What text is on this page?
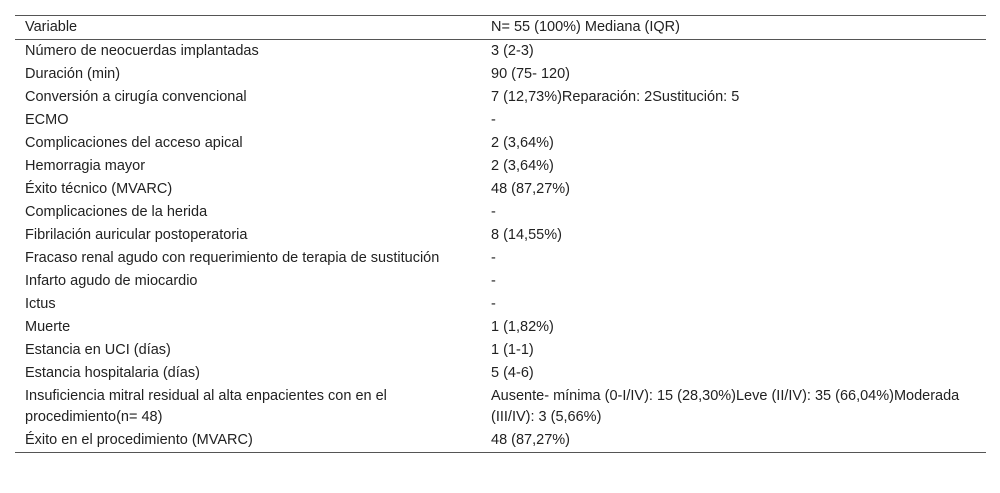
Variable	N= 55 (100%) Mediana (IQR)
Número de neocuerdas implantadas	3 (2-3)
Duración (min)	90 (75- 120)
Conversión a cirugía convencional	7 (12,73%)Reparación: 2Sustitución: 5
ECMO	-
Complicaciones del acceso apical	2 (3,64%)
Hemorragia mayor	2 (3,64%)
Éxito técnico (MVARC)	48 (87,27%)
Complicaciones de la herida	-
Fibrilación auricular postoperatoria	8 (14,55%)
Fracaso renal agudo con requerimiento de terapia de sustitución	-
Infarto agudo de miocardio	-
Ictus	-
Muerte	1 (1,82%)
Estancia en UCI (días)	1 (1-1)
Estancia hospitalaria (días)	5 (4-6)
Insuficiencia mitral residual al alta enpacientes con en el procedimiento(n= 48)	Ausente- mínima (0-I/IV): 15 (28,30%)Leve (II/IV): 35 (66,04%)Moderada (III/IV): 3 (5,66%)
Éxito en el procedimiento (MVARC)	48 (87,27%)
